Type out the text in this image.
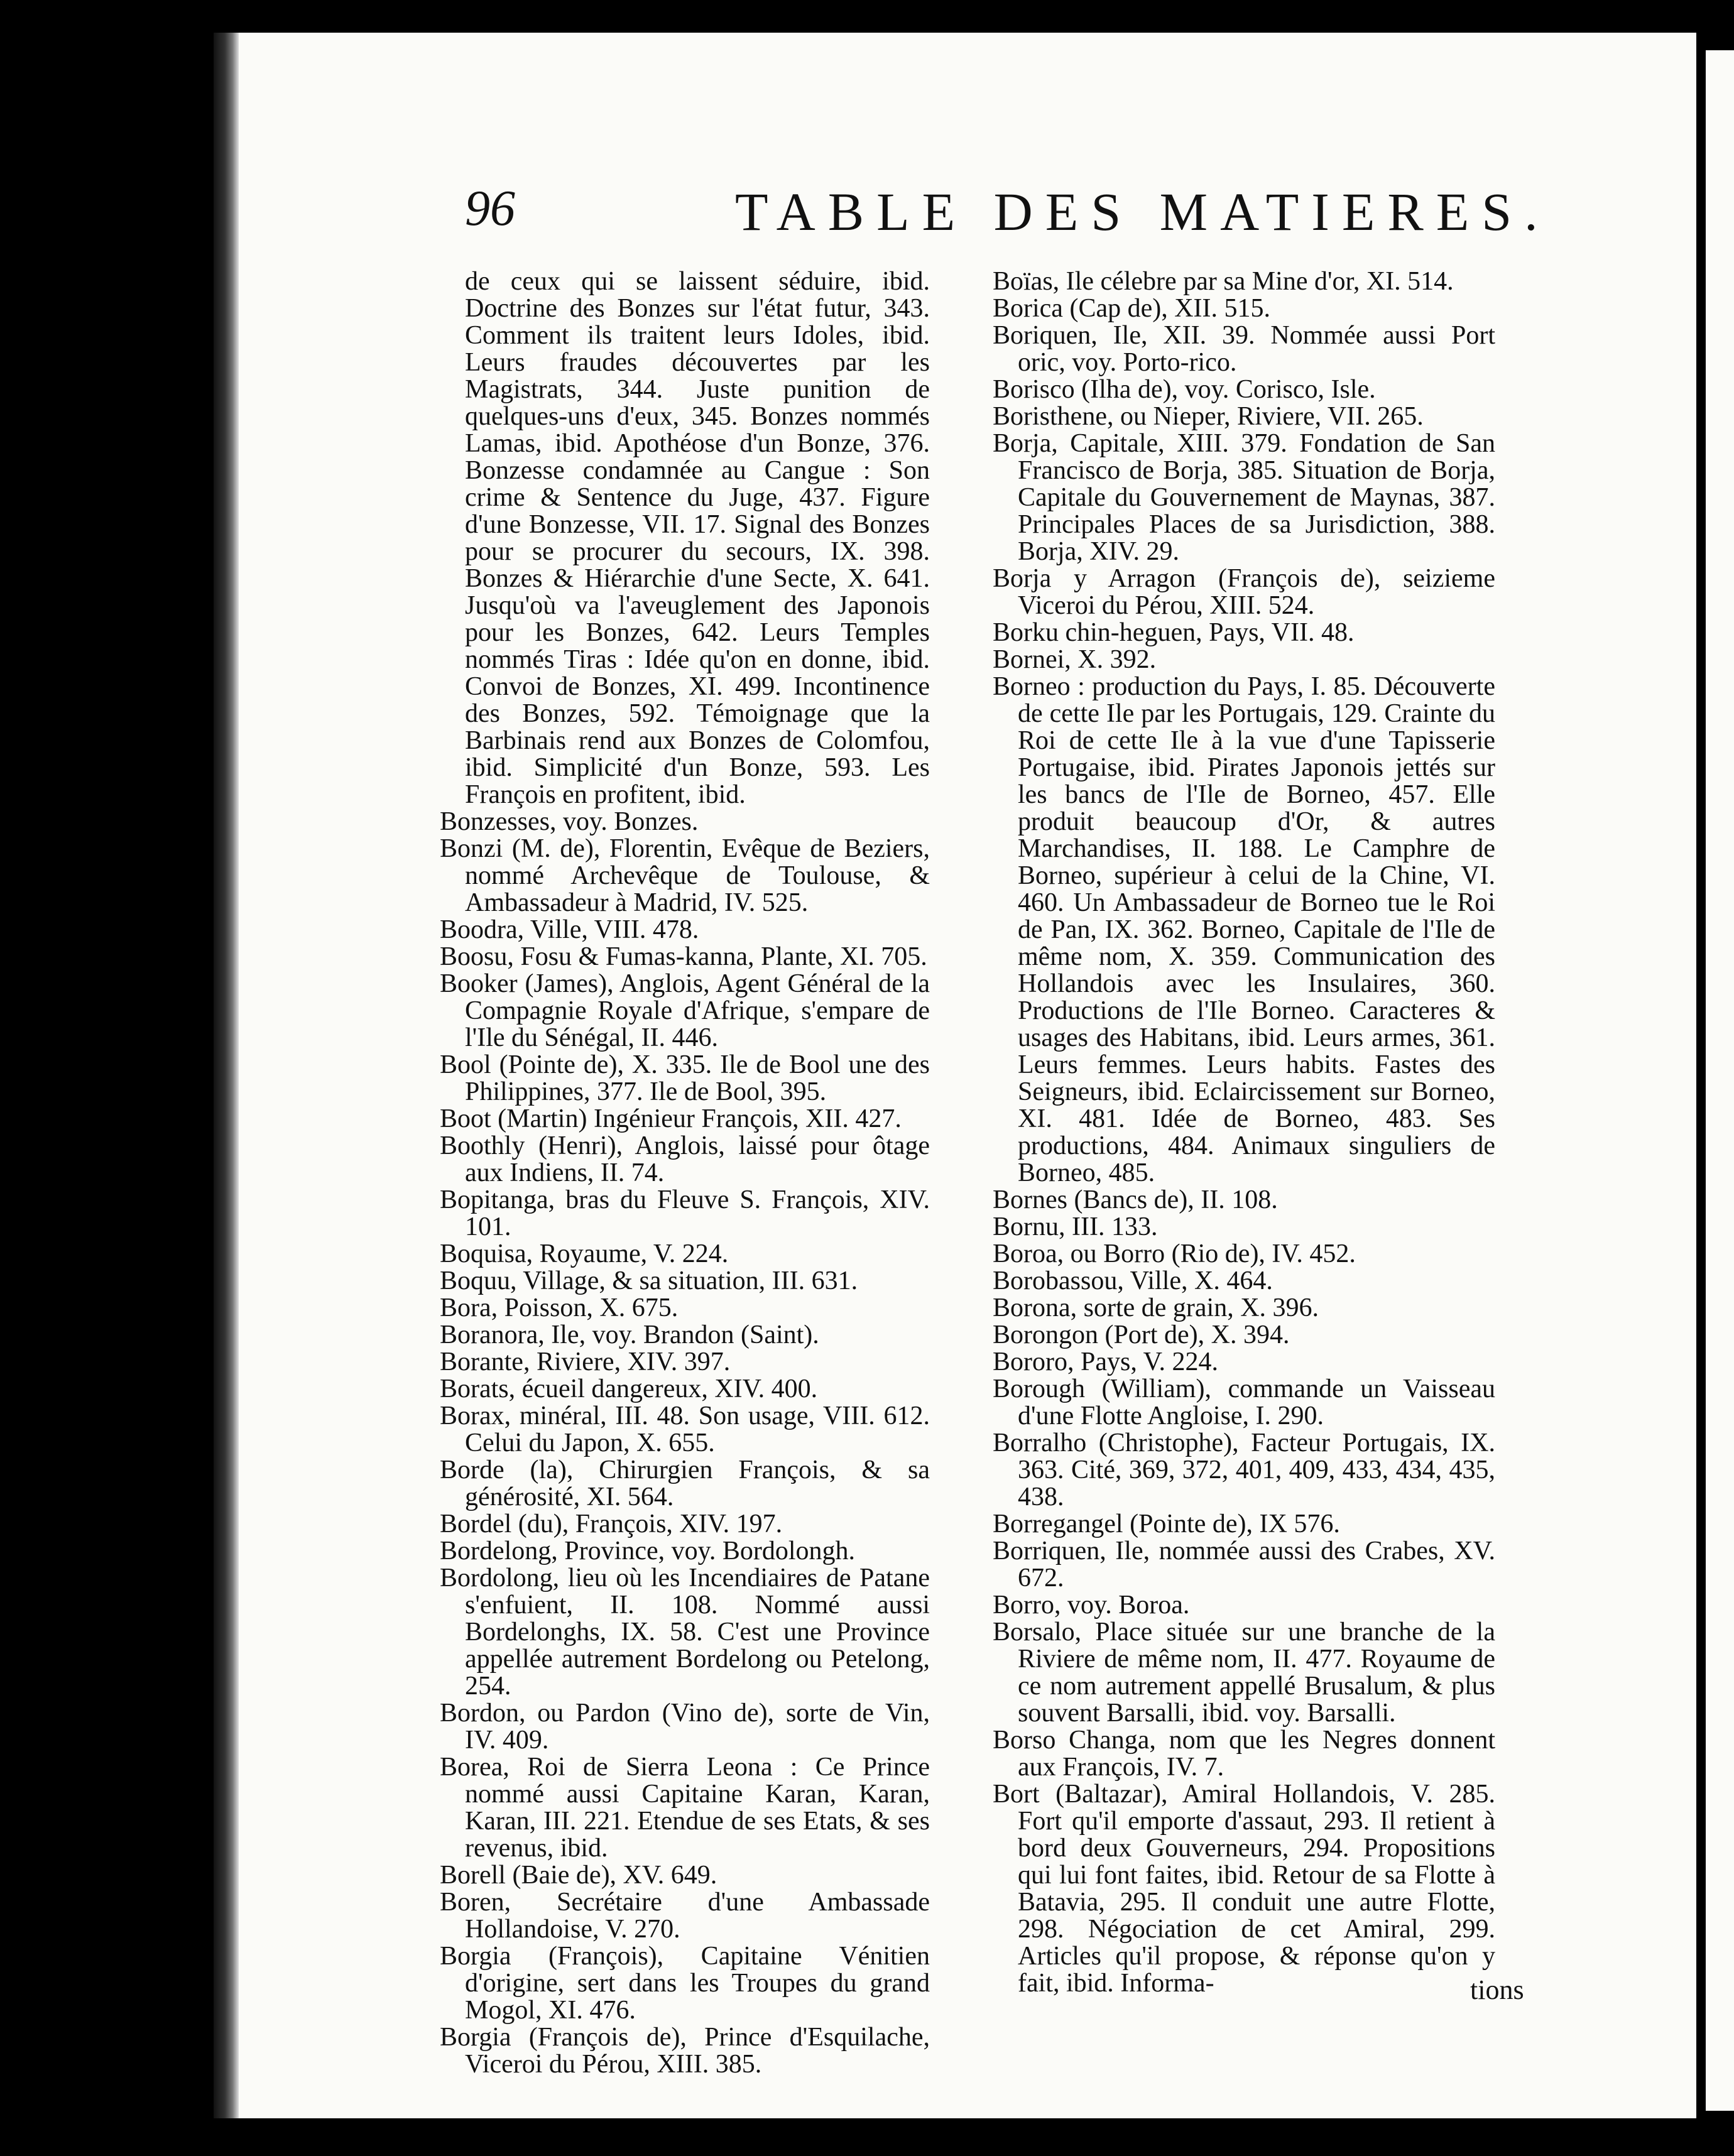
96	TABLE DES MATIERES.

de ceux qui se laissent séduire, ibid. Doctrine des Bonzes sur l'état futur, 343. Comment ils traitent leurs Idoles, ibid. Leurs fraudes découvertes par les Magistrats, 344. Juste punition de quelques-uns d'eux, 345. Bonzes nommés Lamas, ibid. Apothéose d'un Bonze, 376. Bonzesse condamnée au Cangue : Son crime & Sentence du Juge, 437. Figure d'une Bonzesse, VII. 17. Signal des Bonzes pour se procurer du secours, IX. 398. Bonzes & Hiérarchie d'une Secte, X. 641. Jusqu'où va l'aveuglement des Japonois pour les Bonzes, 642. Leurs Temples nommés Tiras : Idée qu'on en donne, ibid. Convoi de Bonzes, XI. 499. Incontinence des Bonzes, 592. Témoignage que la Barbinais rend aux Bonzes de Colomfou, ibid. Simplicité d'un Bonze, 593. Les François en profitent, ibid.

Bonzesses, voy. Bonzes.

Bonzi (M. de), Florentin, Evêque de Beziers, nommé Archevêque de Toulouse, & Ambassadeur à Madrid, IV. 525.

Boodra, Ville, VIII. 478.

Boosu, Fosu & Fumas-kanna, Plante, XI. 705.

Booker (James), Anglois, Agent Général de la Compagnie Royale d'Afrique, s'empare de l'Ile du Sénégal, II. 446.

Bool (Pointe de), X. 335. Ile de Bool une des Philippines, 377. Ile de Bool, 395.

Boot (Martin) Ingénieur François, XII. 427.

Boothly (Henri), Anglois, laissé pour ôtage aux Indiens, II. 74.

Bopitanga, bras du Fleuve S. François, XIV. 101.

Boquisa, Royaume, V. 224.

Boquu, Village, & sa situation, III. 631.

Bora, Poisson, X. 675.

Boranora, Ile, voy. Brandon (Saint).

Borante, Riviere, XIV. 397.

Borats, écueil dangereux, XIV. 400.

Borax, minéral, III. 48. Son usage, VIII. 612. Celui du Japon, X. 655.

Borde (la), Chirurgien François, & sa générosité, XI. 564.

Bordel (du), François, XIV. 197.

Bordelong, Province, voy. Bordolongh.

Bordolong, lieu où les Incendiaires de Patane s'enfuient, II. 108. Nommé aussi Bordelonghs, IX. 58. C'est une Province appellée autrement Bordelong ou Petelong, 254.

Bordon, ou Pardon (Vino de), sorte de Vin, IV. 409.

Borea, Roi de Sierra Leona : Ce Prince nommé aussi Capitaine Karan, Karan, Karan, III. 221. Etendue de ses Etats, & ses revenus, ibid.

Borell (Baie de), XV. 649.

Boren, Secrétaire d'une Ambassade Hollandoise, V. 270.

Borgia (François), Capitaine Vénitien d'origine, sert dans les Troupes du grand Mogol, XI. 476.

Borgia (François de), Prince d'Esquilache, Viceroi du Pérou, XIII. 385.

Boïas, Ile célebre par sa Mine d'or, XI. 514.

Borica (Cap de), XII. 515.

Boriquen, Ile, XII. 39. Nommée aussi Port oric, voy. Porto-rico.

Borisco (Ilha de), voy. Corisco, Isle.

Boristhene, ou Nieper, Riviere, VII. 265.

Borja, Capitale, XIII. 379. Fondation de San Francisco de Borja, 385. Situation de Borja, Capitale du Gouvernement de Maynas, 387. Principales Places de sa Jurisdiction, 388. Borja, XIV. 29.

Borja y Arragon (François de), seizieme Viceroi du Pérou, XIII. 524.

Borku chin-heguen, Pays, VII. 48.

Bornei, X. 392.

Borneo : production du Pays, I. 85. Découverte de cette Ile par les Portugais, 129. Crainte du Roi de cette Ile à la vue d'une Tapisserie Portugaise, ibid. Pirates Japonois jettés sur les bancs de l'Ile de Borneo, 457. Elle produit beaucoup d'Or, & autres Marchandises, II. 188. Le Camphre de Borneo, supérieur à celui de la Chine, VI. 460. Un Ambassadeur de Borneo tue le Roi de Pan, IX. 362. Borneo, Capitale de l'Ile de même nom, X. 359. Communication des Hollandois avec les Insulaires, 360. Productions de l'Ile Borneo. Caracteres & usages des Habitans, ibid. Leurs armes, 361. Leurs femmes. Leurs habits. Fastes des Seigneurs, ibid. Eclaircissement sur Borneo, XI. 481. Idée de Borneo, 483. Ses productions, 484. Animaux singuliers de Borneo, 485.

Bornes (Bancs de), II. 108.

Bornu, III. 133.

Boroa, ou Borro (Rio de), IV. 452.

Borobassou, Ville, X. 464.

Borona, sorte de grain, X. 396.

Borongon (Port de), X. 394.

Bororo, Pays, V. 224.

Borough (William), commande un Vaisseau d'une Flotte Angloise, I. 290.

Borralho (Christophe), Facteur Portugais, IX. 363. Cité, 369, 372, 401, 409, 433, 434, 435, 438.

Borregangel (Pointe de), IX 576.

Borriquen, Ile, nommée aussi des Crabes, XV. 672.

Borro, voy. Boroa.

Borsalo, Place située sur une branche de la Riviere de même nom, II. 477. Royaume de ce nom autrement appellé Brusalum, & plus souvent Barsalli, ibid. voy. Barsalli.

Borso Changa, nom que les Negres donnent aux François, IV. 7.

Bort (Baltazar), Amiral Hollandois, V. 285. Fort qu'il emporte d'assaut, 293. Il retient à bord deux Gouverneurs, 294. Propositions qui lui font faites, ibid. Retour de sa Flotte à Batavia, 295. Il conduit une autre Flotte, 298. Négociation de cet Amiral, 299. Articles qu'il propose, & réponse qu'on y fait, ibid. Informa-	tions
